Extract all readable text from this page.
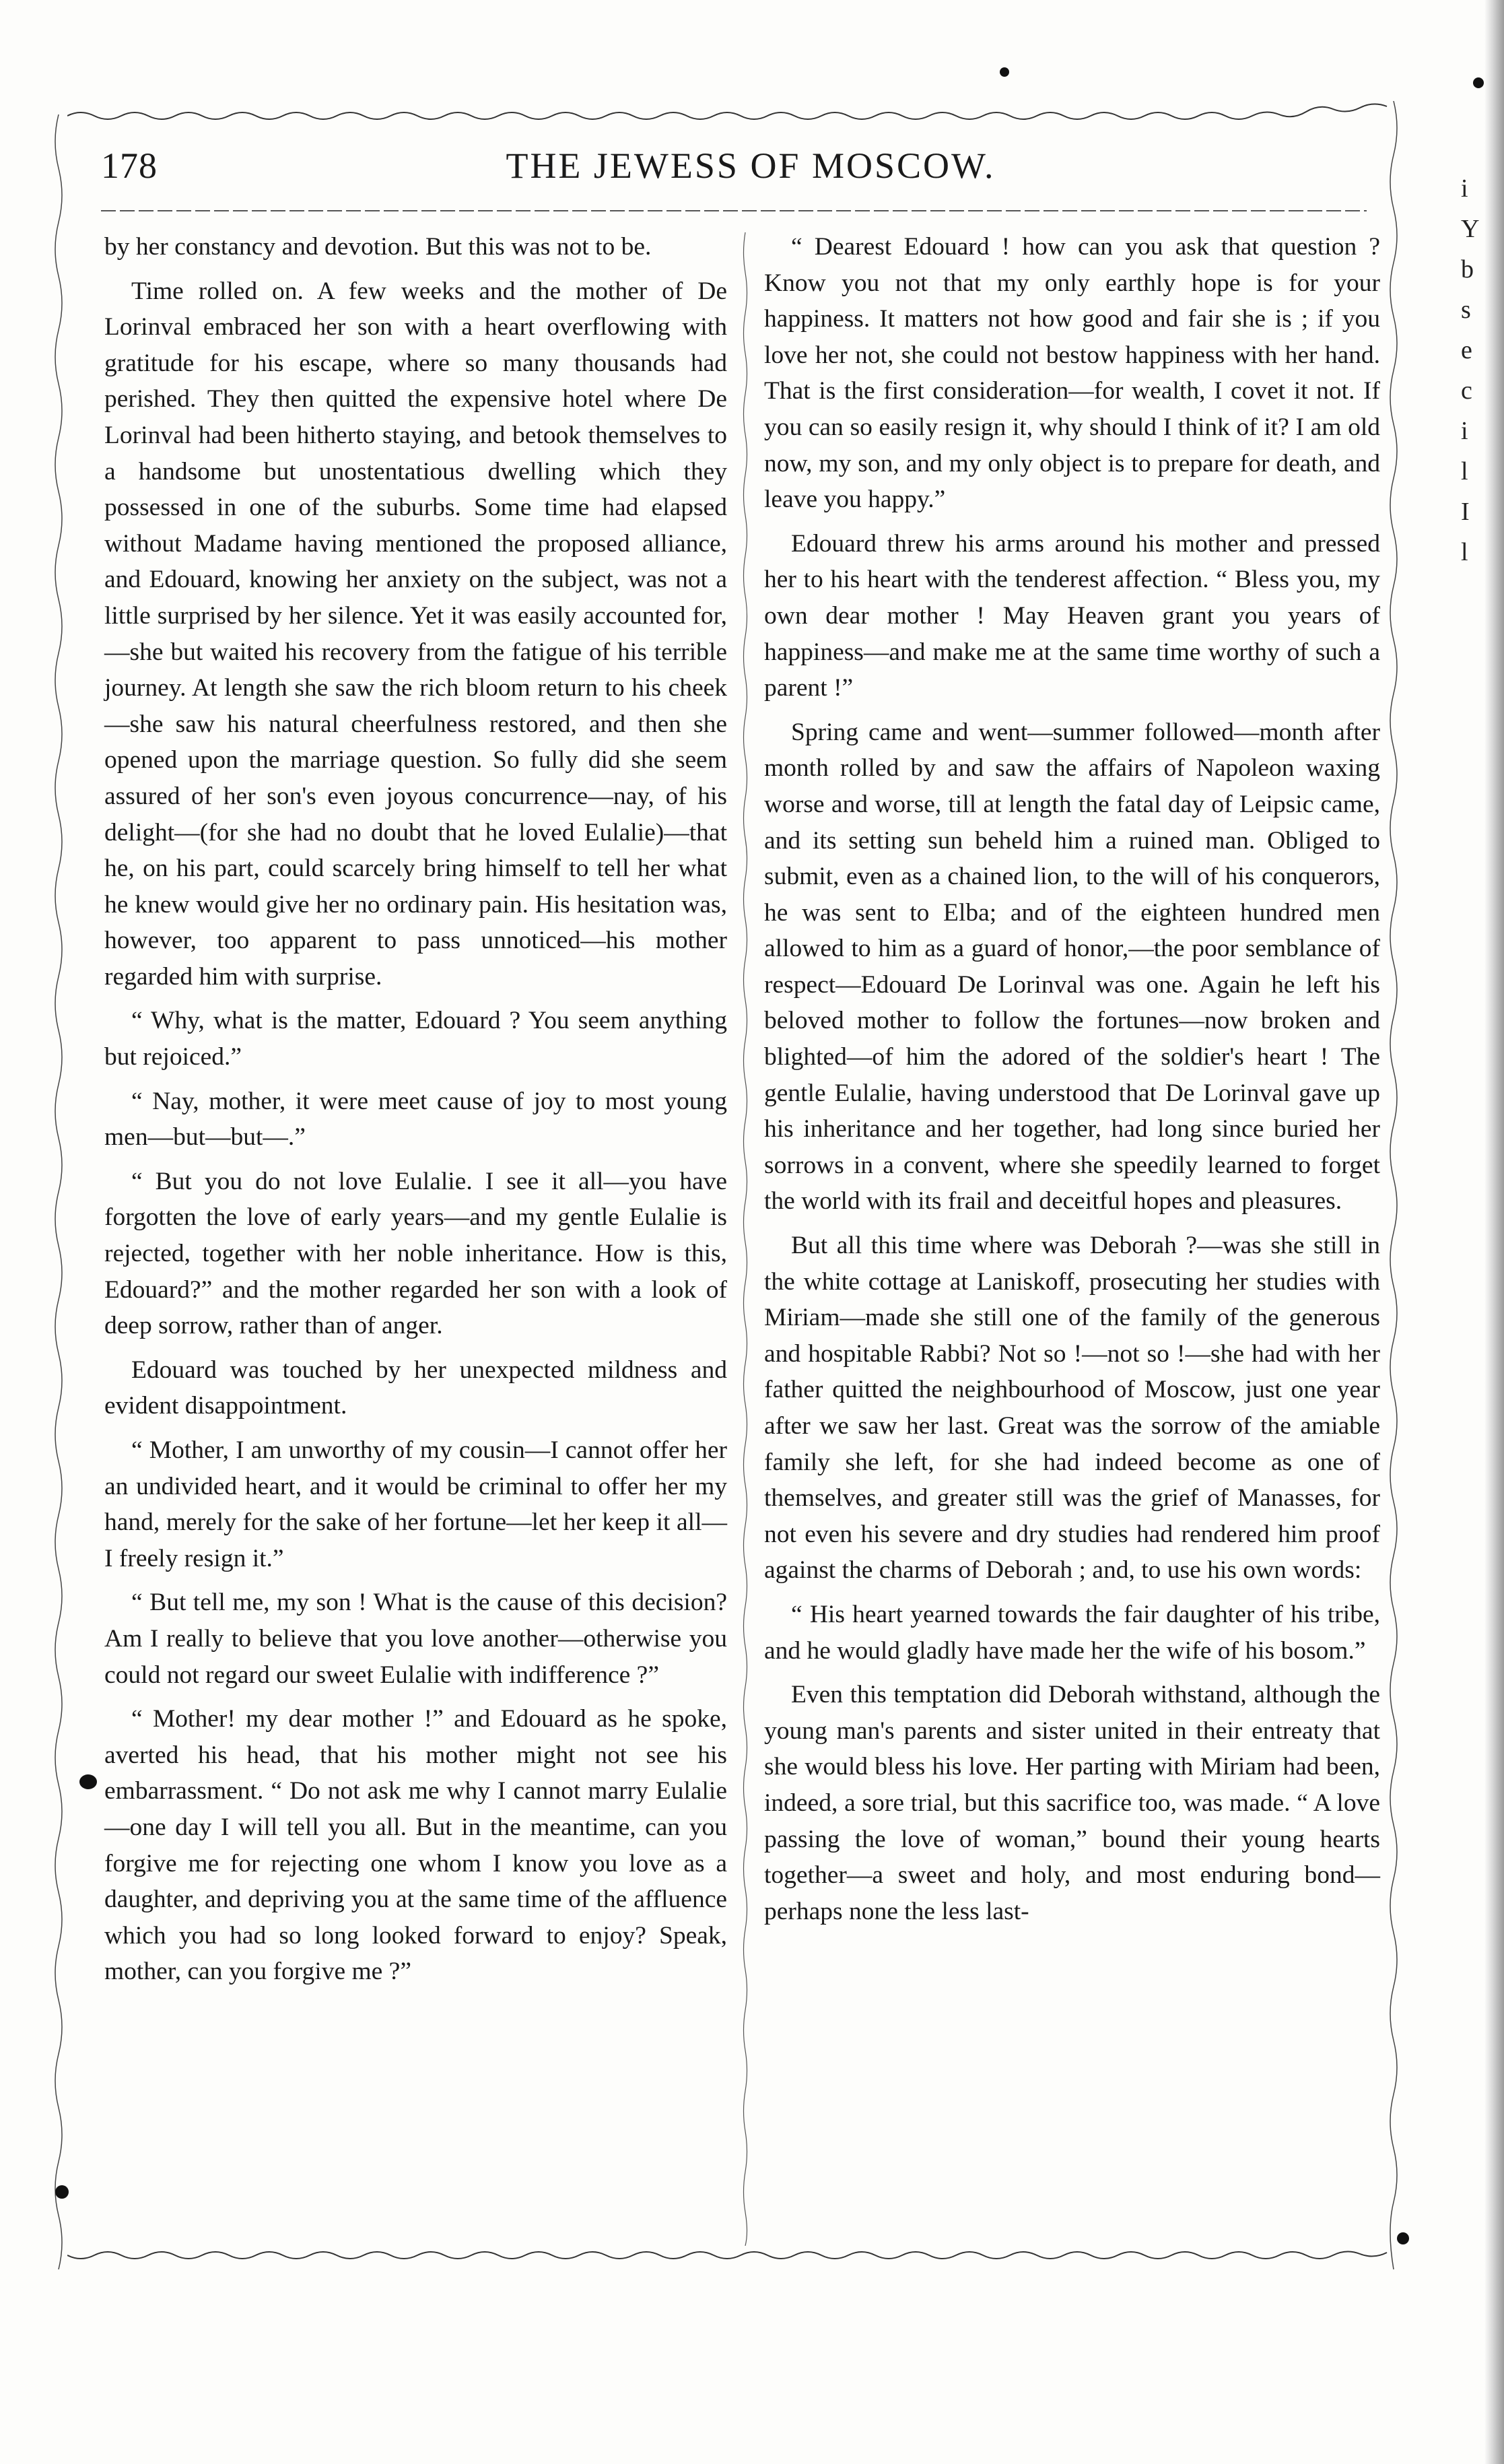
178	THE JEWESS OF MOSCOW.

by her constancy and devotion. But this was not to be.

Time rolled on. A few weeks and the mother of De Lorinval embraced her son with a heart overflowing with gratitude for his escape, where so many thousands had perished. They then quitted the expensive hotel where De Lorinval had been hitherto staying, and betook themselves to a handsome but unostentatious dwelling which they possessed in one of the suburbs. Some time had elapsed without Madame having mentioned the proposed alliance, and Edouard, knowing her anxiety on the subject, was not a little surprised by her silence. Yet it was easily accounted for,—she but waited his recovery from the fatigue of his terrible journey. At length she saw the rich bloom return to his cheek—she saw his natural cheerfulness restored, and then she opened upon the marriage question. So fully did she seem assured of her son's even joyous concurrence—nay, of his delight—(for she had no doubt that he loved Eulalie)—that he, on his part, could scarcely bring himself to tell her what he knew would give her no ordinary pain. His hesitation was, however, too apparent to pass unnoticed—his mother regarded him with surprise.

“ Why, what is the matter, Edouard ? You seem anything but rejoiced.”

“ Nay, mother, it were meet cause of joy to most young men—but—but—.”

“ But you do not love Eulalie. I see it all—you have forgotten the love of early years—and my gentle Eulalie is rejected, together with her noble inheritance. How is this, Edouard?” and the mother regarded her son with a look of deep sorrow, rather than of anger.

Edouard was touched by her unexpected mildness and evident disappointment.

“ Mother, I am unworthy of my cousin—I cannot offer her an undivided heart, and it would be criminal to offer her my hand, merely for the sake of her fortune—let her keep it all—I freely resign it.”

“ But tell me, my son ! What is the cause of this decision? Am I really to believe that you love another—otherwise you could not regard our sweet Eulalie with indifference ?”

“ Mother! my dear mother !” and Edouard as he spoke, averted his head, that his mother might not see his embarrassment. “ Do not ask me why I cannot marry Eulalie—one day I will tell you all. But in the meantime, can you forgive me for rejecting one whom I know you love as a daughter, and depriving you at the same time of the affluence which you had so long looked forward to enjoy? Speak, mother, can you forgive me ?”

“ Dearest Edouard ! how can you ask that question ? Know you not that my only earthly hope is for your happiness. It matters not how good and fair she is ; if you love her not, she could not bestow happiness with her hand. That is the first consideration—for wealth, I covet it not. If you can so easily resign it, why should I think of it? I am old now, my son, and my only object is to prepare for death, and leave you happy.”

Edouard threw his arms around his mother and pressed her to his heart with the tenderest affection. “ Bless you, my own dear mother ! May Heaven grant you years of happiness—and make me at the same time worthy of such a parent !”

Spring came and went—summer followed—month after month rolled by and saw the affairs of Napoleon waxing worse and worse, till at length the fatal day of Leipsic came, and its setting sun beheld him a ruined man. Obliged to submit, even as a chained lion, to the will of his conquerors, he was sent to Elba; and of the eighteen hundred men allowed to him as a guard of honor,—the poor semblance of respect—Edouard De Lorinval was one. Again he left his beloved mother to follow the fortunes—now broken and blighted—of him the adored of the soldier's heart ! The gentle Eulalie, having understood that De Lorinval gave up his inheritance and her together, had long since buried her sorrows in a convent, where she speedily learned to forget the world with its frail and deceitful hopes and pleasures.

But all this time where was Deborah ?—was she still in the white cottage at Laniskoff, prosecuting her studies with Miriam—made she still one of the family of the generous and hospitable Rabbi? Not so !—not so !—she had with her father quitted the neighbourhood of Moscow, just one year after we saw her last. Great was the sorrow of the amiable family she left, for she had indeed become as one of themselves, and greater still was the grief of Manasses, for not even his severe and dry studies had rendered him proof against the charms of Deborah ; and, to use his own words:

“ His heart yearned towards the fair daughter of his tribe, and he would gladly have made her the wife of his bosom.”

Even this temptation did Deborah withstand, although the young man's parents and sister united in their entreaty that she would bless his love. Her parting with Miriam had been, indeed, a sore trial, but this sacrifice too, was made. “ A love passing the love of woman,” bound their young hearts together—a sweet and holy, and most enduring bond—perhaps none the less last-

i
Y
b
s
e
c
i
l
I
l
